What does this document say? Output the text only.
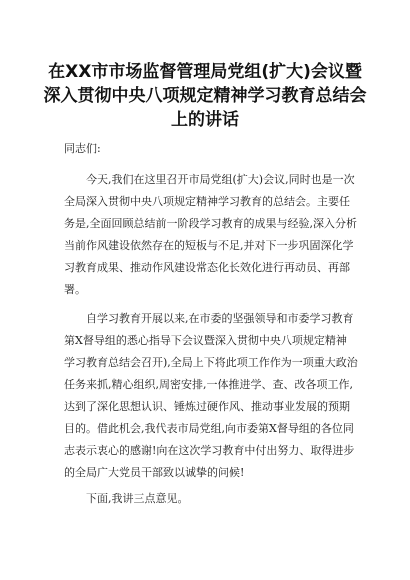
在XX市市场监督管理局党组(扩大)会议暨
深入贯彻中央八项规定精神学习教育总结会
上的讲话

同志们:

今天,我们在这里召开市局党组(扩大)会议,同时也是一次
全局深入贯彻中央八项规定精神学习教育的总结会。主要任
务是,全面回顾总结前一阶段学习教育的成果与经验,深入分析
当前作风建设依然存在的短板与不足,并对下一步巩固深化学
习教育成果、推动作风建设常态化长效化进行再动员、再部
署。
自学习教育开展以来,在市委的坚强领导和市委学习教育
第X督导组的悉心指导下会议暨深入贯彻中央八项规定精神
学习教育总结会召开),全局上下将此项工作作为一项重大政治
任务来抓,精心组织,周密安排,一体推进学、查、改各项工作,
达到了深化思想认识、锤炼过硬作风、推动事业发展的预期
目的。借此机会,我代表市局党组,向市委第X督导组的各位同
志表示衷心的感谢!向在这次学习教育中付出努力、取得进步
的全局广大党员干部致以诚挚的问候!
下面,我讲三点意见。
